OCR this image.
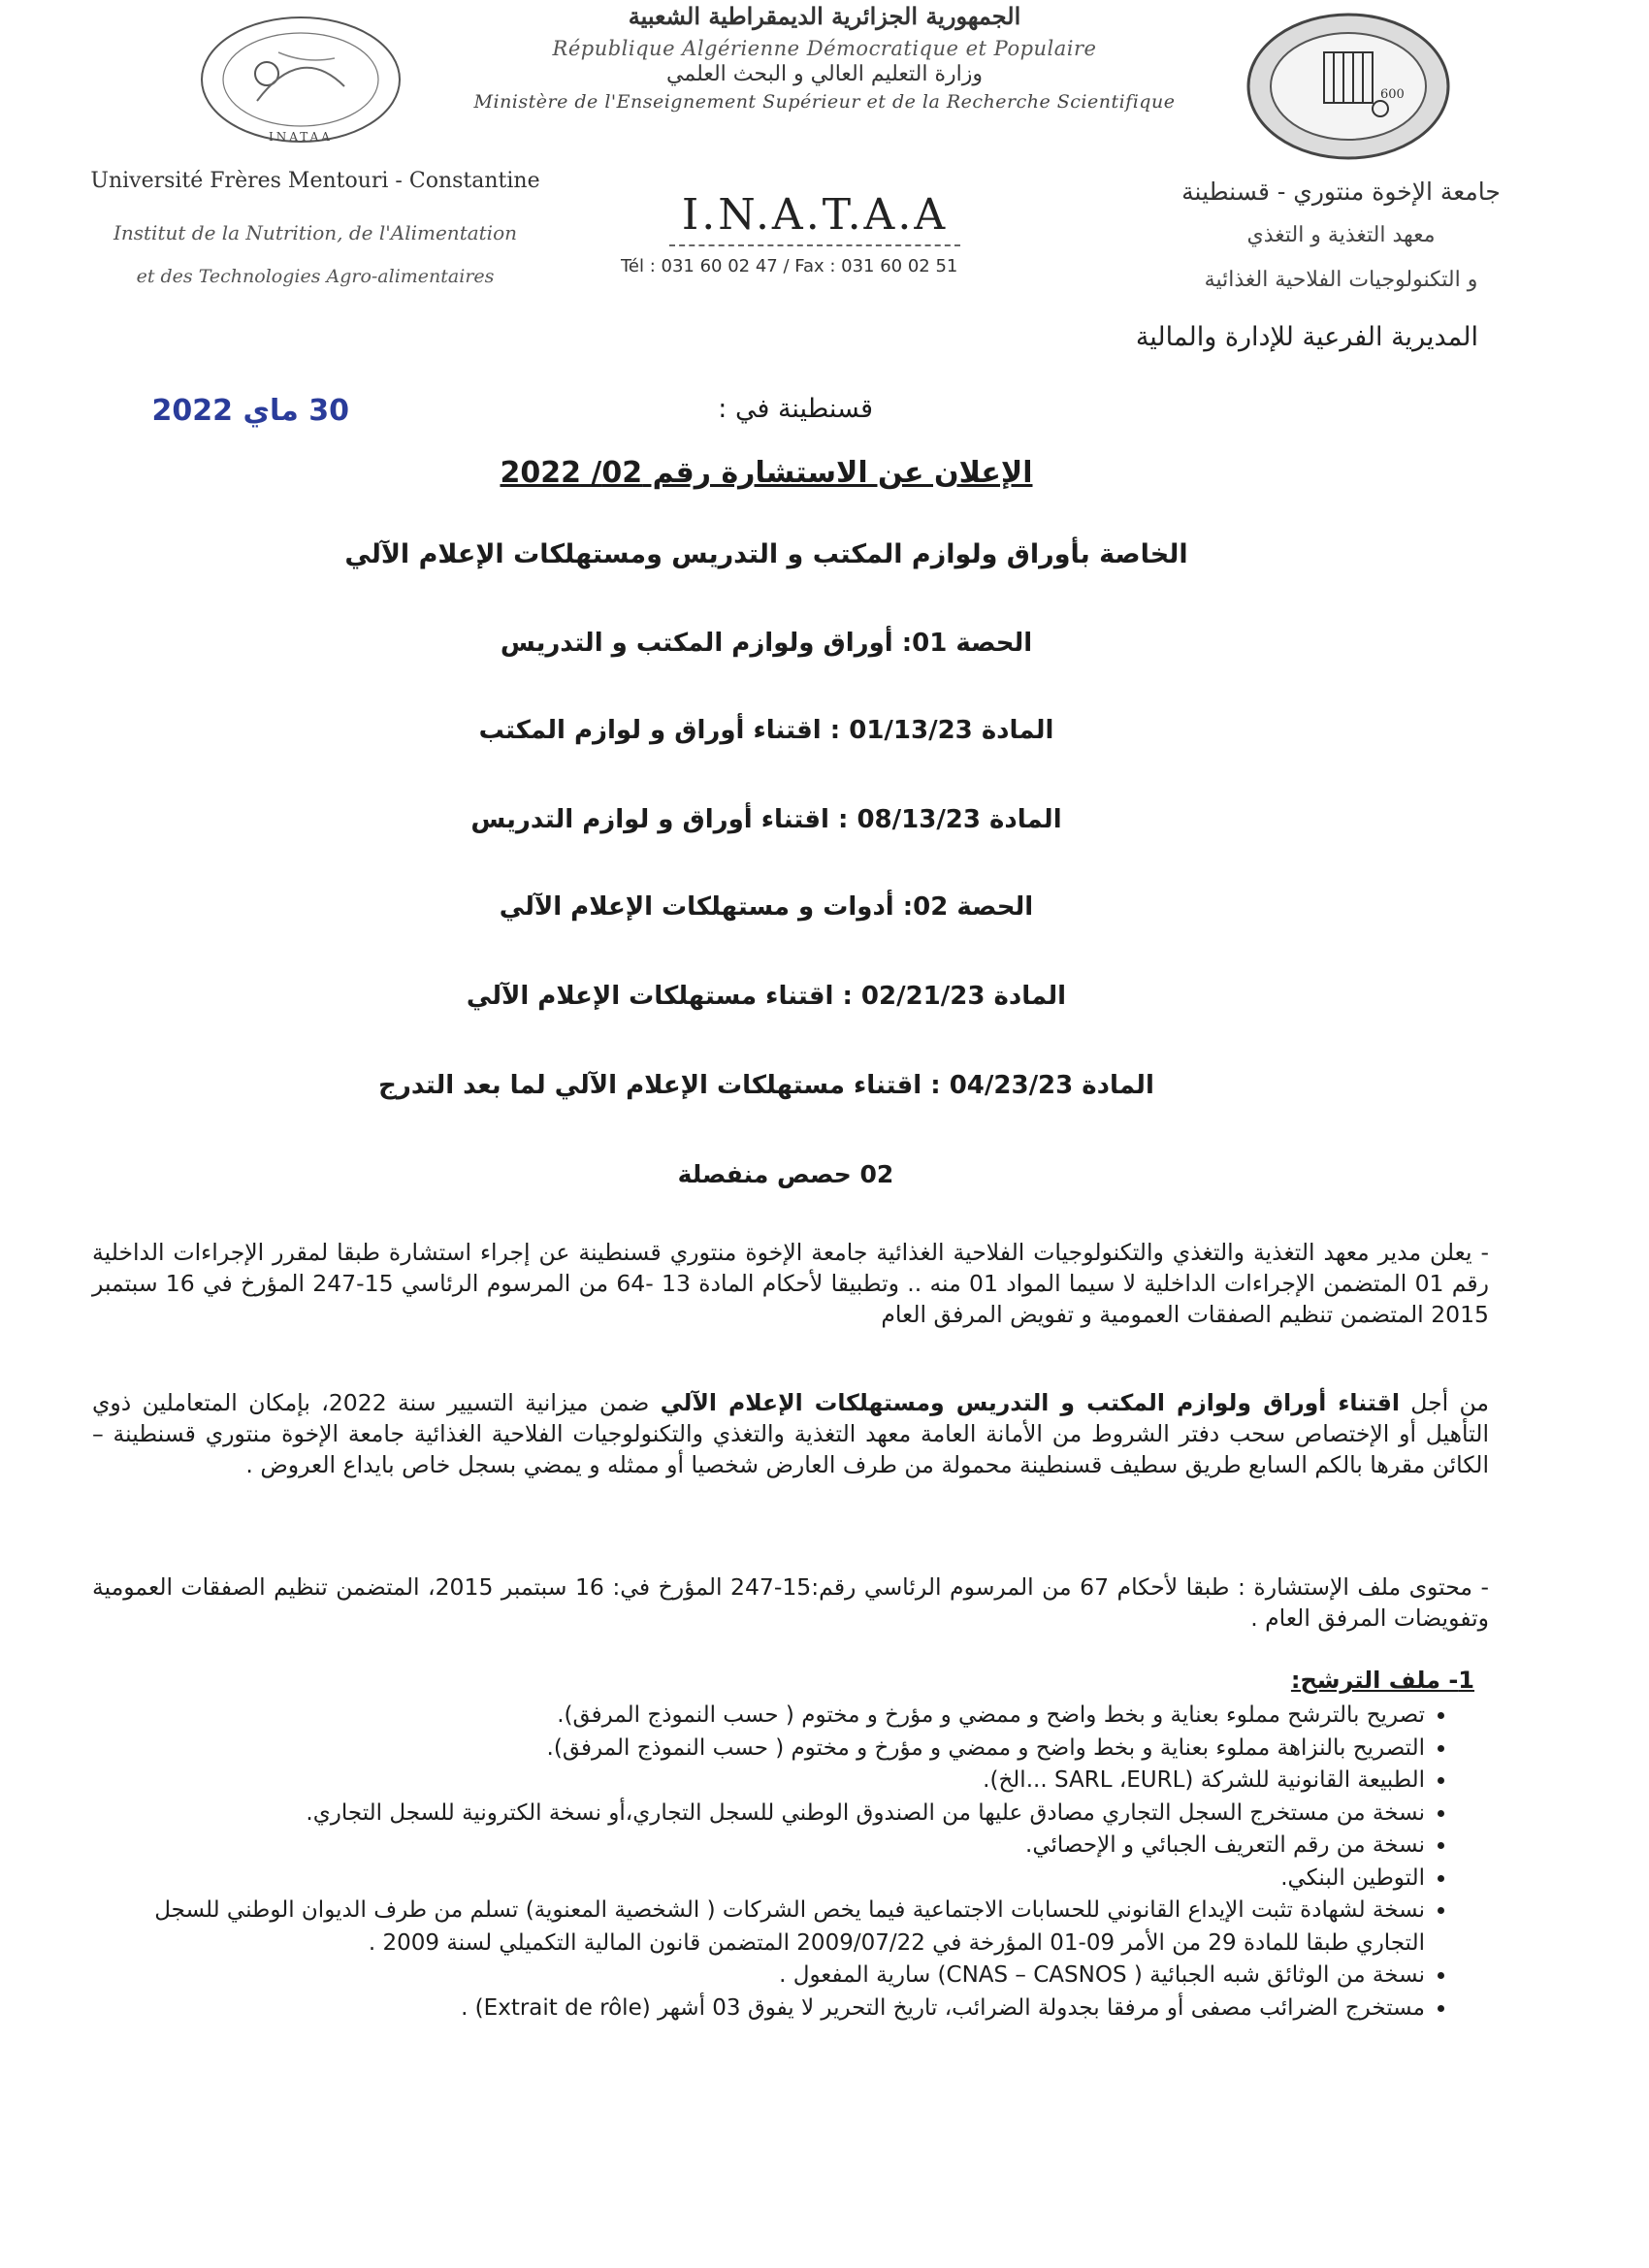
الجمهورية الجزائرية الديمقراطية الشعبية
République Algérienne Démocratique et Populaire
وزارة التعليم العالي و البحث العلمي
Ministère de l'Enseignement Supérieur et de la Recherche Scientifique
INATAA
600
Université Frères Mentouri - Constantine
Institut de la Nutrition, de l'Alimentation
et des Technologies Agro-alimentaires
I.N.A.T.A.A
Tél : 031 60 02 47 / Fax : 031 60 02 51
جامعة الإخوة منتوري - قسنطينة
معهد التغذية و التغذي
و التكنولوجيات الفلاحية الغذائية
المديرية الفرعية للإدارة والمالية
قسنطينة في :
30 ماي 2022
الإعلان عن الاستشارة رقم 02/ 2022
الخاصة بأوراق ولوازم المكتب و التدريس ومستهلكات الإعلام الآلي
الحصة 01: أوراق ولوازم المكتب و التدريس
المادة 01/13/23 : اقتناء أوراق و لوازم المكتب
المادة 08/13/23 : اقتناء أوراق و لوازم التدريس
الحصة 02: أدوات و مستهلكات الإعلام الآلي
المادة 02/21/23 : اقتناء مستهلكات الإعلام الآلي
المادة 04/23/23 : اقتناء مستهلكات الإعلام الآلي لما بعد التدرج
02 حصص منفصلة
- يعلن مدير معهد التغذية والتغذي والتكنولوجيات الفلاحية الغذائية جامعة الإخوة منتوري قسنطينة عن إجراء استشارة طبقا لمقرر الإجراءات الداخلية رقم 01 المتضمن الإجراءات الداخلية لا سيما المواد 01 منه .. وتطبيقا لأحكام المادة 13 -64 من المرسوم الرئاسي 15-247 المؤرخ في 16 سبتمبر 2015 المتضمن تنظيم الصفقات العمومية و تفويض المرفق العام
من أجل اقتناء أوراق ولوازم المكتب و التدريس ومستهلكات الإعلام الآلي ضمن ميزانية التسيير سنة 2022، بإمكان المتعاملين ذوي التأهيل أو الإختصاص سحب دفتر الشروط من الأمانة العامة معهد التغذية والتغذي والتكنولوجيات الفلاحية الغذائية جامعة الإخوة منتوري قسنطينة – الكائن مقرها بالكم السابع طريق سطيف قسنطينة محمولة من طرف العارض شخصيا أو ممثله و يمضي بسجل خاص بايداع العروض .
- محتوى ملف الإستشارة : طبقا لأحكام 67 من المرسوم الرئاسي رقم:15-247 المؤرخ في: 16 سبتمبر 2015، المتضمن تنظيم الصفقات العمومية وتفويضات المرفق العام .
1- ملف الترشح:
• تصريح بالترشح مملوء بعناية و بخط واضح و ممضي و مؤرخ و مختوم ( حسب النموذج المرفق).
• التصريح بالنزاهة مملوء بعناية و بخط واضح و ممضي و مؤرخ و مختوم ( حسب النموذج المرفق).
• الطبيعة القانونية للشركة (SARL ،EURL ...الخ).
• نسخة من مستخرج السجل التجاري مصادق عليها من الصندوق الوطني للسجل التجاري،أو نسخة الكترونية للسجل التجاري.
• نسخة من رقم التعريف الجبائي و الإحصائي.
• التوطين البنكي.
• نسخة لشهادة تثبت الإيداع القانوني للحسابات الاجتماعية فيما يخص الشركات ( الشخصية المعنوية) تسلم من طرف الديوان الوطني للسجل التجاري طبقا للمادة 29 من الأمر 09-01 المؤرخة في 2009/07/22 المتضمن قانون المالية التكميلي لسنة 2009 .
• نسخة من الوثائق شبه الجبائية ( CNAS – CASNOS) سارية المفعول .
• مستخرج الضرائب مصفى أو مرفقا بجدولة الضرائب، تاريخ التحرير لا يفوق 03 أشهر (Extrait de rôle) .
